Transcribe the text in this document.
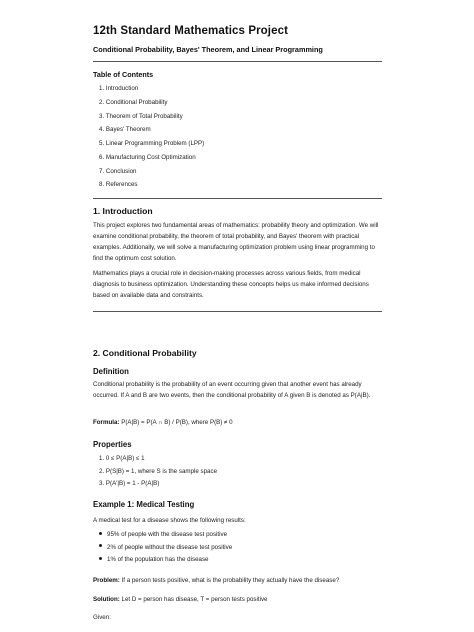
12th Standard Mathematics Project
Conditional Probability, Bayes' Theorem, and Linear Programming
Table of Contents
1. Introduction
2. Conditional Probability
3. Theorem of Total Probability
4. Bayes' Theorem
5. Linear Programming Problem (LPP)
6. Manufacturing Cost Optimization
7. Conclusion
8. References
1. Introduction

This project explores two fundamental areas of mathematics: probability theory and optimization. We will examine conditional probability, the theorem of total probability, and Bayes' theorem with practical examples. Additionally, we will solve a manufacturing optimization problem using linear programming to find the optimum cost solution.

Mathematics plays a crucial role in decision-making processes across various fields, from medical diagnosis to business optimization. Understanding these concepts helps us make informed decisions based on available data and constraints.

2. Conditional Probability
Definition

Conditional probability is the probability of an event occurring given that another event has already occurred. If A and B are two events, then the conditional probability of A given B is denoted as P(A|B).

Formula: P(A|B) = P(A ∩ B) / P(B), where P(B) ≠ 0

Properties
1. 0 ≤ P(A|B) ≤ 1
2. P(S|B) = 1, where S is the sample space
3. P(A'|B) = 1 - P(A|B)
Example 1: Medical Testing

A medical test for a disease shows the following results:

95% of people with the disease test positive
2% of people without the disease test positive
1% of the population has the disease

Problem: If a person tests positive, what is the probability they actually have the disease?

Solution: Let D = person has disease, T = person tests positive

Given:
